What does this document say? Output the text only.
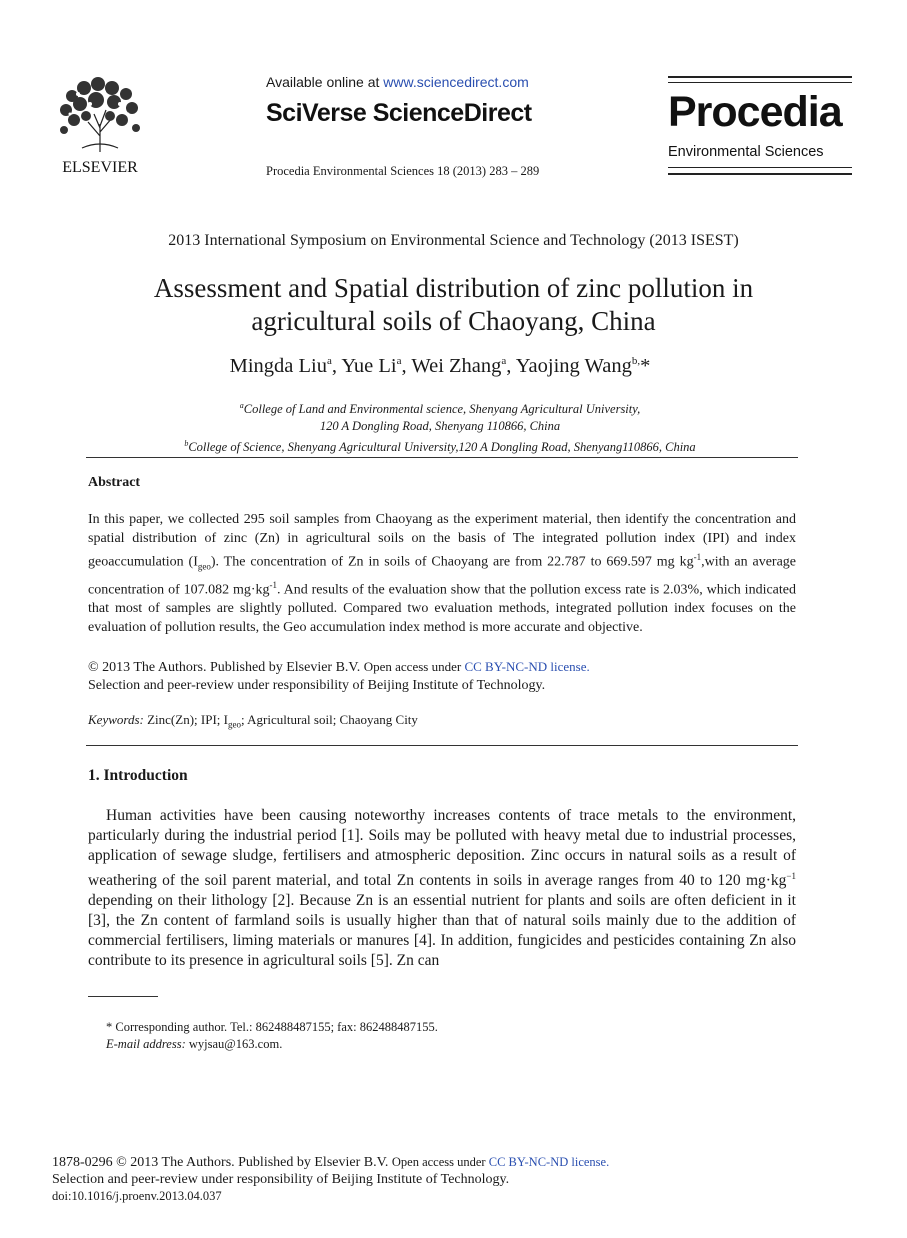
ELSEVIER
Available online at www.sciencedirect.com
SciVerse ScienceDirect
Procedia Environmental Sciences 18 (2013) 283 – 289
Procedia
Environmental Sciences
2013 International Symposium on Environmental Science and Technology (2013 ISEST)
Assessment and Spatial distribution of zinc pollution in
agricultural soils of Chaoyang, China
Mingda Liu$^a$, Yue Li$^a$, Wei Zhang$^a$, Yaojing Wang$^{b,}$*
$^a$College of Land and Environmental science, Shenyang Agricultural University,
120 A Dongling Road, Shenyang 110866, China
$^b$College of Science, Shenyang Agricultural University,120 A Dongling Road, Shenyang110866, China
Abstract
In this paper, we collected 295 soil samples from Chaoyang as the experiment material, then identify the concentration and spatial distribution of zinc (Zn) in agricultural soils on the basis of The integrated pollution index (IPI) and index geoaccumulation $(I_{geo})$. The concentration of Zn in soils of Chaoyang are from 22.787 to 669.597 mg $kg^{-1},with$ an average concentration of 107.082 $mg\cdot kg^{-1}$. And results of the evaluation show that the pollution excess rate is 2.03%, which indicated that most of samples are slightly polluted. Compared two evaluation methods, integrated pollution index focuses on the evaluation of pollution results, the Geo accumulation index method is more accurate and objective.
© 2013 The Authors. Published by Elsevier B.V. Open access under CC BY-NC-ND license.
Selection and peer-review under responsibility of Beijing Institute of Technology.
Keywords: Zinc(Zn); IPI; $I_{geo}$; Agricultural soil; Chaoyang City
1. Introduction
Human activities have been causing noteworthy increases contents of trace metals to the environment, particularly during the industrial period [1]. Soils may be polluted with heavy metal due to industrial processes, application of sewage sludge, fertilisers and atmospheric deposition. Zinc occurs in natural soils as a result of weathering of the soil parent material, and total Zn contents in soils in average ranges from 40 to 120 $mg\cdot kg^{-1}$ depending on their lithology [2]. Because Zn is an essential nutrient for plants and soils are often deficient in it [3], the Zn content of farmland soils is usually higher than that of natural soils mainly due to the addition of commercial fertilisers, liming materials or manures [4]. In addition, fungicides and pesticides containing Zn also contribute to its presence in agricultural soils [5]. Zn can
* Corresponding author. Tel.: 862488487155; fax: 862488487155.
E-mail address: wyjsau@163.com.
1878-0296 © 2013 The Authors. Published by Elsevier B.V. Open access under CC BY-NC-ND license.
Selection and peer-review under responsibility of Beijing Institute of Technology.
doi:10.1016/j.proenv.2013.04.037
